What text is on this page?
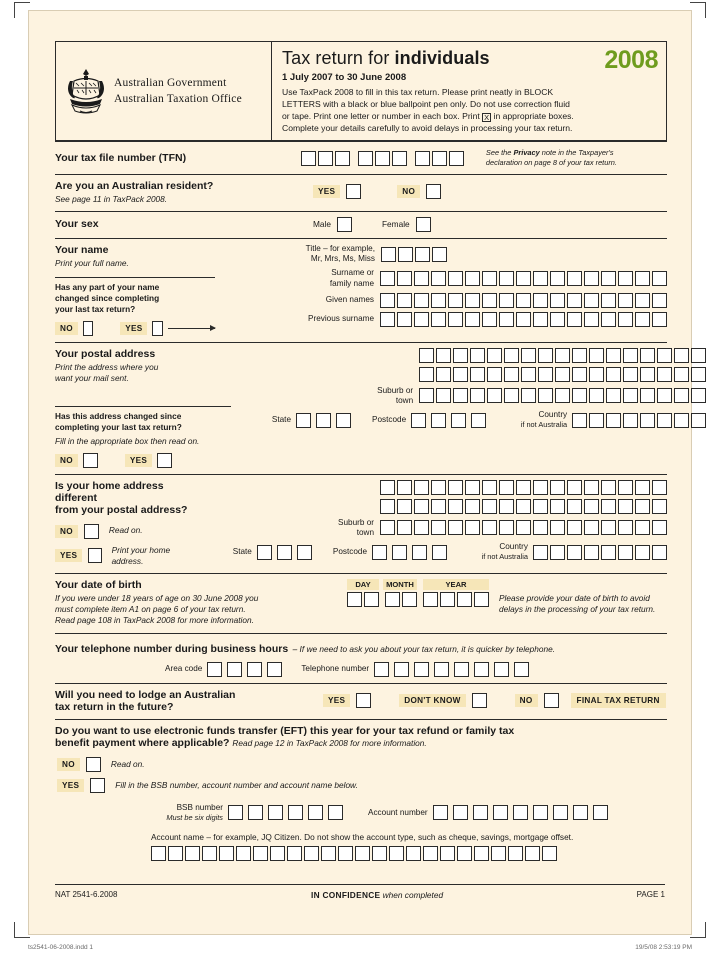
Australian Government
Australian Taxation Office
2008
Tax return for individuals
1 July 2007 to 30 June 2008
Use TaxPack 2008 to fill in this tax return. Please print neatly in BLOCK
LETTERS with a black or blue ballpoint pen only. Do not use correction fluid
or tape. Print one letter or number in each box. Print X in appropriate boxes.
Complete your details carefully to avoid delays in processing your tax return.
Your tax file number (TFN)	See the Privacy note in the Taxpayer's
declaration on page 8 of your tax return.
Are you an Australian resident?
See page 11 in TaxPack 2008.
YES	NO
Your sex	Male	Female
Your name
Print your full name.
Has any part of your name
changed since completing
your last tax return?
NO	YES
Title – for example,
Mr, Mrs, Ms, Miss
Surname or
family name
Given names
Previous surname
Your postal address
Print the address where you
want your mail sent.
Has this address changed since
completing your last tax return?
Fill in the appropriate box then read on.
NO	YES
Suburb or
town
State	Postcode
Country
if not Australia
Is your home address different
from your postal address?
NO	Read on.
YES
Print your home address.
Suburb or
town
State	Postcode
Country
if not Australia
Your date of birth
If you were under 18 years of age on 30 June 2008 you
must complete item A1 on page 6 of your tax return.
Read page 108 in TaxPack 2008 for more information.
DAY	MONTH	YEAR
Please provide your date of birth to avoid
delays in the processing of your tax return.
Your telephone number during business hours – If we need to ask you about your tax return, it is quicker by telephone.
Area code	Telephone number
Will you need to lodge an Australian
tax return in the future?	YES	DON'T KNOW	NO	FINAL TAX RETURN
Do you want to use electronic funds transfer (EFT) this year for your tax refund or family tax
benefit payment where applicable? Read page 12 in TaxPack 2008 for more information.
NO	Read on.
YES	Fill in the BSB number, account number and account name below.
BSB number
Must be six digits
Account number
Account name – for example, JQ Citizen. Do not show the account type, such as cheque, savings, mortgage offset.
NAT 2541-6.2008	IN CONFIDENCE when completed	PAGE 1
ts2541-06-2008.indd 1	19/5/08 2:53:19 PM
